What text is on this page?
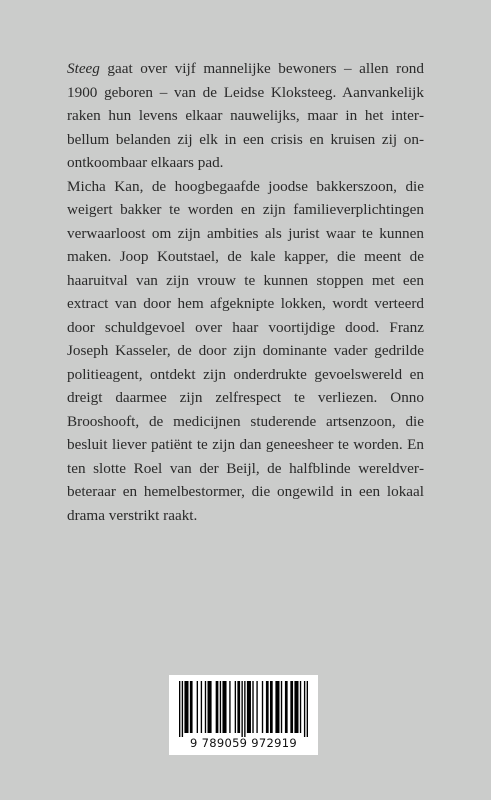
Steeg gaat over vijf mannelijke bewoners – allen rond 1900 geboren – van de Leidse Kloksteeg. Aanvankelijk raken hun levens elkaar nauwelijks, maar in het interbellum belanden zij elk in een crisis en kruisen zij onontkoombaar elkaars pad.

Micha Kan, de hoogbegaafde joodse bakkerszoon, die weigert bakker te worden en zijn familieverplichtingen verwaarloost om zijn ambities als jurist waar te kunnen maken. Joop Koutstael, de kale kapper, die meent de haaruitval van zijn vrouw te kunnen stoppen met een extract van door hem afgeknipte lokken, wordt verteerd door schuldgevoel over haar voortijdige dood. Franz Joseph Kasseler, de door zijn dominante vader gedrilde politieagent, ontdekt zijn onderdrukte gevoelswereld en dreigt daarmee zijn zelfrespect te verliezen. Onno Brooshooft, de medicijnen studerende artsenzoon, die besluit liever patiënt te zijn dan geneesheer te worden. En ten slotte Roel van der Beijl, de halfblinde wereldverbeteraar en hemelbestormer, die ongewild in een lokaal drama verstrikt raakt.

9 789059 972919
